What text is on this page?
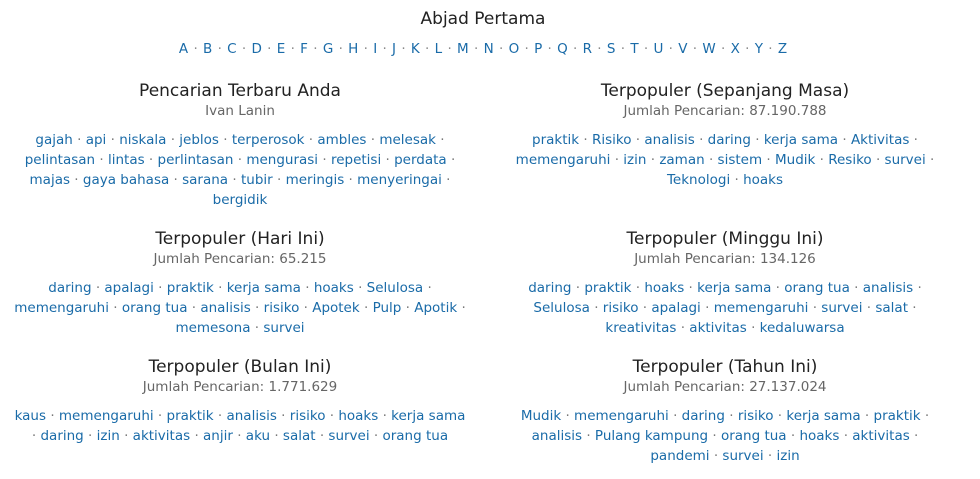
Abjad Pertama
A · B · C · D · E · F · G · H · I · J · K · L · M · N · O · P · Q · R · S · T · U · V · W · X · Y · Z
Pencarian Terbaru Anda
Ivan Lanin
gajah · api · niskala · jeblos · terperosok · ambles · melesak · pelintasan · lintas · perlintasan · mengurasi · repetisi · perdata · majas · gaya bahasa · sarana · tubir · meringis · menyeringai · bergidik
Terpopuler (Sepanjang Masa)
Jumlah Pencarian: 87.190.788
praktik · Risiko · analisis · daring · kerja sama · Aktivitas · memengaruhi · izin · zaman · sistem · Mudik · Resiko · survei · Teknologi · hoaks
Terpopuler (Hari Ini)
Jumlah Pencarian: 65.215
daring · apalagi · praktik · kerja sama · hoaks · Selulosa · memengaruhi · orang tua · analisis · risiko · Apotek · Pulp · Apotik · memesona · survei
Terpopuler (Minggu Ini)
Jumlah Pencarian: 134.126
daring · praktik · hoaks · kerja sama · orang tua · analisis · Selulosa · risiko · apalagi · memengaruhi · survei · salat · kreativitas · aktivitas · kedaluwarsa
Terpopuler (Bulan Ini)
Jumlah Pencarian: 1.771.629
kaus · memengaruhi · praktik · analisis · risiko · hoaks · kerja sama · daring · izin · aktivitas · anjir · aku · salat · survei · orang tua
Terpopuler (Tahun Ini)
Jumlah Pencarian: 27.137.024
Mudik · memengaruhi · daring · risiko · kerja sama · praktik · analisis · Pulang kampung · orang tua · hoaks · aktivitas · pandemi · survei · izin
